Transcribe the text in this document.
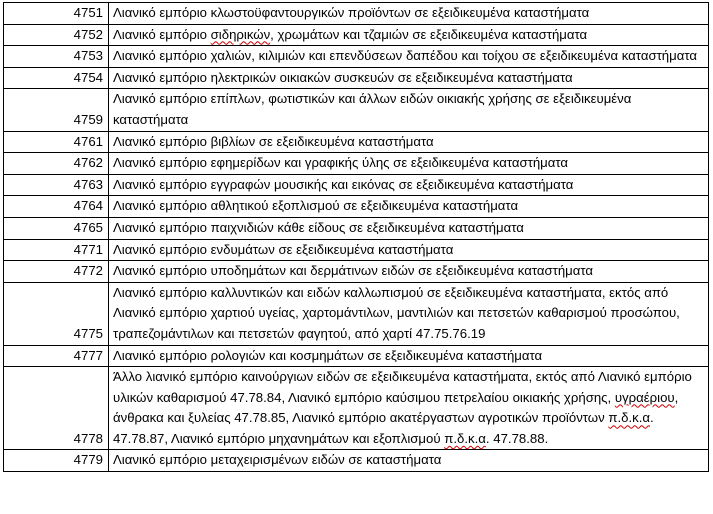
4751	Λιανικό εμπόριο κλωστοϋφαντουργικών προϊόντων σε εξειδικευμένα καταστήματα
4752	Λιανικό εμπόριο σιδηρικών, χρωμάτων και τζαμιών σε εξειδικευμένα καταστήματα
4753	Λιανικό εμπόριο χαλιών, κιλιμιών και επενδύσεων δαπέδου και τοίχου σε εξειδικευμένα καταστήματα
4754	Λιανικό εμπόριο ηλεκτρικών οικιακών συσκευών σε εξειδικευμένα καταστήματα
4759	Λιανικό εμπόριο επίπλων, φωτιστικών και άλλων ειδών οικιακής χρήσης σε εξειδικευμένα καταστήματα
4761	Λιανικό εμπόριο βιβλίων σε εξειδικευμένα καταστήματα
4762	Λιανικό εμπόριο εφημερίδων και γραφικής ύλης σε εξειδικευμένα καταστήματα
4763	Λιανικό εμπόριο εγγραφών μουσικής και εικόνας σε εξειδικευμένα καταστήματα
4764	Λιανικό εμπόριο αθλητικού εξοπλισμού σε εξειδικευμένα καταστήματα
4765	Λιανικό εμπόριο παιχνιδιών κάθε είδους σε εξειδικευμένα καταστήματα
4771	Λιανικό εμπόριο ενδυμάτων σε εξειδικευμένα καταστήματα
4772	Λιανικό εμπόριο υποδημάτων και δερμάτινων ειδών σε εξειδικευμένα καταστήματα
4775	Λιανικό εμπόριο καλλυντικών και ειδών καλλωπισμού σε εξειδικευμένα καταστήματα, εκτός από Λιανικό εμπόριο χαρτιού υγείας, χαρτομάντιλων, μαντιλιών και πετσετών καθαρισμού προσώπου, τραπεζομάντιλων και πετσετών φαγητού, από χαρτί 47.75.76.19
4777	Λιανικό εμπόριο ρολογιών και κοσμημάτων σε εξειδικευμένα καταστήματα
4778	Άλλο λιανικό εμπόριο καινούργιων ειδών σε εξειδικευμένα καταστήματα, εκτός από Λιανικό εμπόριο υλικών καθαρισμού 47.78.84, Λιανικό εμπόριο καύσιμου πετρελαίου οικιακής χρήσης, υγραέριου, άνθρακα και ξυλείας 47.78.85, Λιανικό εμπόριο ακατέργαστων αγροτικών προϊόντων π.δ.κ.α. 47.78.87, Λιανικό εμπόριο μηχανημάτων και εξοπλισμού π.δ.κ.α. 47.78.88.
4779	Λιανικό εμπόριο μεταχειρισμένων ειδών σε καταστήματα
